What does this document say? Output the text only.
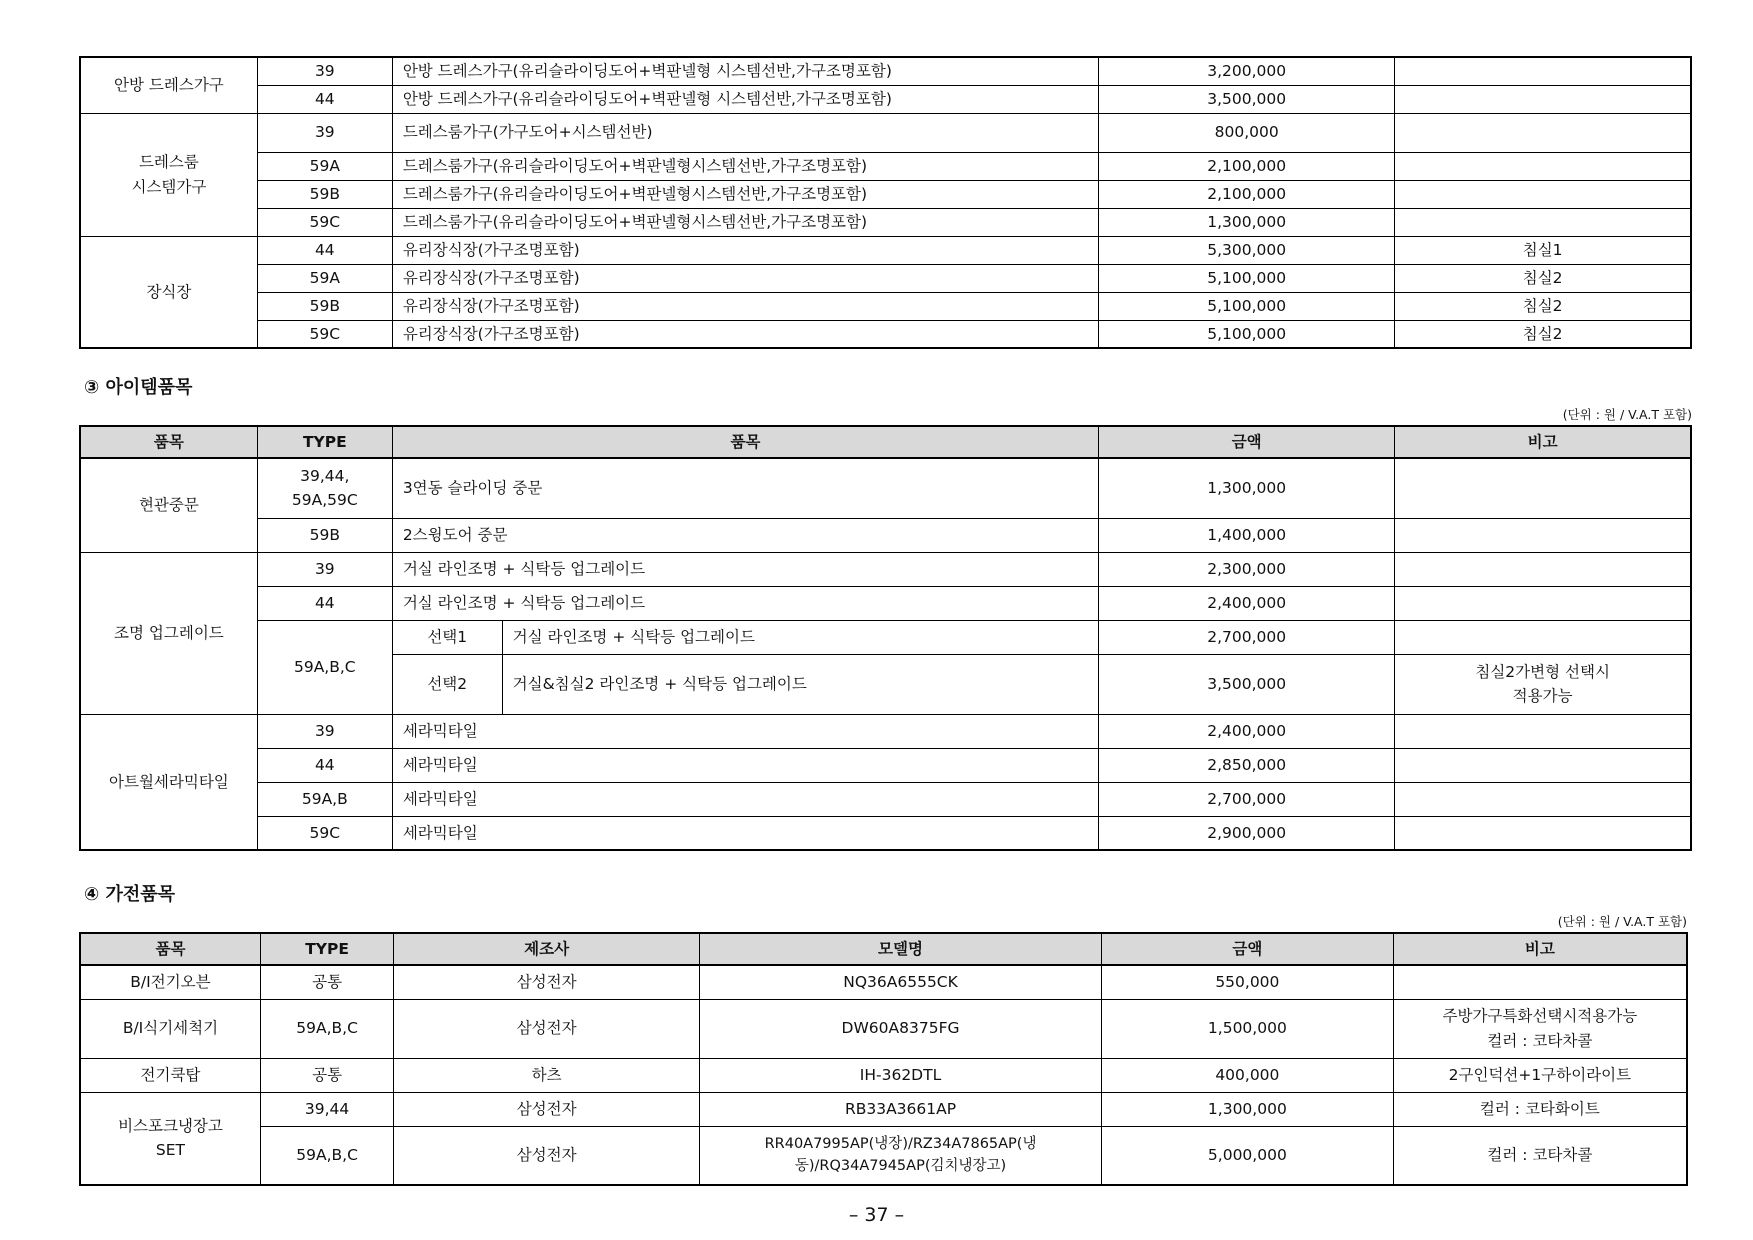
안방 드레스가구	39	안방 드레스가구(유리슬라이딩도어+벽판넬형 시스템선반,가구조명포함)	3,200,000	
	44	안방 드레스가구(유리슬라이딩도어+벽판넬형 시스템선반,가구조명포함)	3,500,000	
드레스룸
시스템가구	39	드레스룸가구(가구도어+시스템선반)	800,000	
	59A	드레스룸가구(유리슬라이딩도어+벽판넬형시스템선반,가구조명포함)	2,100,000	
	59B	드레스룸가구(유리슬라이딩도어+벽판넬형시스템선반,가구조명포함)	2,100,000	
	59C	드레스룸가구(유리슬라이딩도어+벽판넬형시스템선반,가구조명포함)	1,300,000	
장식장	44	유리장식장(가구조명포함)	5,300,000	침실1
	59A	유리장식장(가구조명포함)	5,100,000	침실2
	59B	유리장식장(가구조명포함)	5,100,000	침실2
	59C	유리장식장(가구조명포함)	5,100,000	침실2
③ 아이템품목
(단위 : 원 / V.A.T 포함)
품목	TYPE	품목		금액	비고
현관중문	39,44,
59A,59C	3연동 슬라이딩 중문		1,300,000	
	59B	2스윙도어 중문		1,400,000	
조명 업그레이드	39	거실 라인조명 + 식탁등 업그레이드		2,300,000	
	44	거실 라인조명 + 식탁등 업그레이드		2,400,000	
	59A,B,C	선택1	거실 라인조명 + 식탁등 업그레이드	2,700,000	
		선택2	거실&침실2 라인조명 + 식탁등 업그레이드	3,500,000	침실2가변형 선택시
적용가능
아트월세라믹타일	39	세라믹타일		2,400,000	
	44	세라믹타일		2,850,000	
	59A,B	세라믹타일		2,700,000	
	59C	세라믹타일		2,900,000	
④ 가전품목
(단위 : 원 / V.A.T 포함)
품목	TYPE	제조사	모델명	금액	비고
B/I전기오븐	공통	삼성전자	NQ36A6555CK	550,000	
B/I식기세척기	59A,B,C	삼성전자	DW60A8375FG	1,500,000	주방가구특화선택시적용가능
컬러 : 코타차콜
전기쿡탑	공통	하츠	IH-362DTL	400,000	2구인덕션+1구하이라이트
비스포크냉장고
SET	39,44	삼성전자	RB33A3661AP	1,300,000	컬러 : 코타화이트
	59A,B,C	삼성전자	RR40A7995AP(냉장)/RZ34A7865AP(냉
동)/RQ34A7945AP(김치냉장고)	5,000,000	컬러 : 코타차콜
– 37 –
